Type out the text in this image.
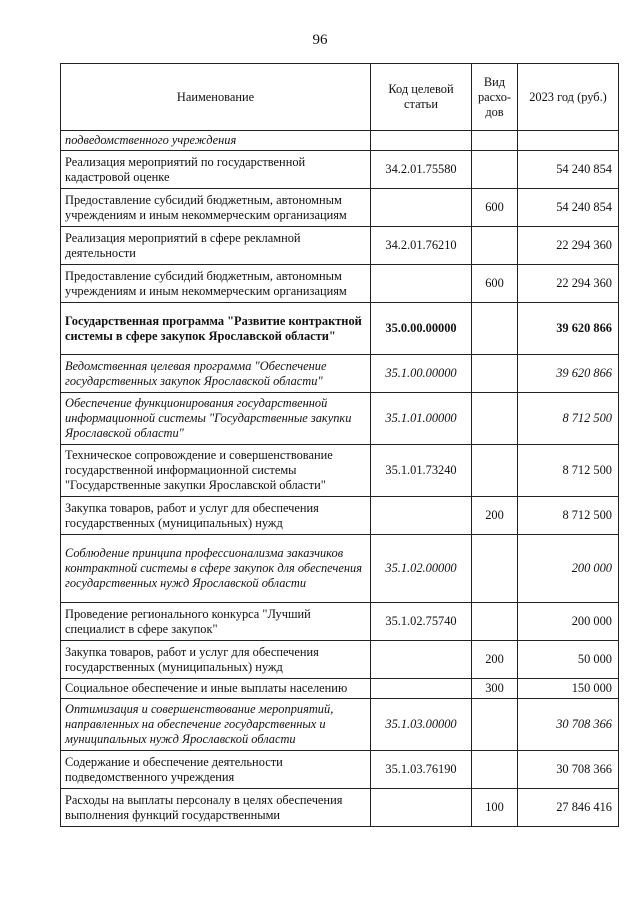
96
Наименование	Код целевой статьи	Вид расхо-дов	2023 год (руб.)
подведомственного учреждения			
Реализация мероприятий по государственной кадастровой оценке	34.2.01.75580		54 240 854
Предоставление субсидий бюджетным, автономным учреждениям и иным некоммерческим организациям		600	54 240 854
Реализация мероприятий в сфере рекламной деятельности	34.2.01.76210		22 294 360
Предоставление субсидий бюджетным, автономным учреждениям и иным некоммерческим организациям		600	22 294 360
Государственная программа "Развитие контрактной системы в сфере закупок Ярославской области"	35.0.00.00000		39 620 866
Ведомственная целевая программа "Обеспечение государственных закупок Ярославской области"	35.1.00.00000		39 620 866
Обеспечение функционирования государственной информационной системы "Государственные закупки Ярославской области"	35.1.01.00000		8 712 500
Техническое сопровождение и совершенствование государственной информационной системы "Государственные закупки Ярославской области"	35.1.01.73240		8 712 500
Закупка товаров, работ и услуг для обеспечения государственных (муниципальных) нужд		200	8 712 500
Соблюдение принципа профессионализма заказчиков контрактной системы в сфере закупок для обеспечения государственных нужд Ярославской области	35.1.02.00000		200 000
Проведение регионального конкурса "Лучший специалист в сфере закупок"	35.1.02.75740		200 000
Закупка товаров, работ и услуг для обеспечения государственных (муниципальных) нужд		200	50 000
Социальное обеспечение и иные выплаты населению		300	150 000
Оптимизация и совершенствование мероприятий, направленных на обеспечение государственных и муниципальных нужд Ярославской области	35.1.03.00000		30 708 366
Содержание и обеспечение деятельности подведомственного учреждения	35.1.03.76190		30 708 366
Расходы на выплаты персоналу в целях обеспечения выполнения функций государственными		100	27 846 416
